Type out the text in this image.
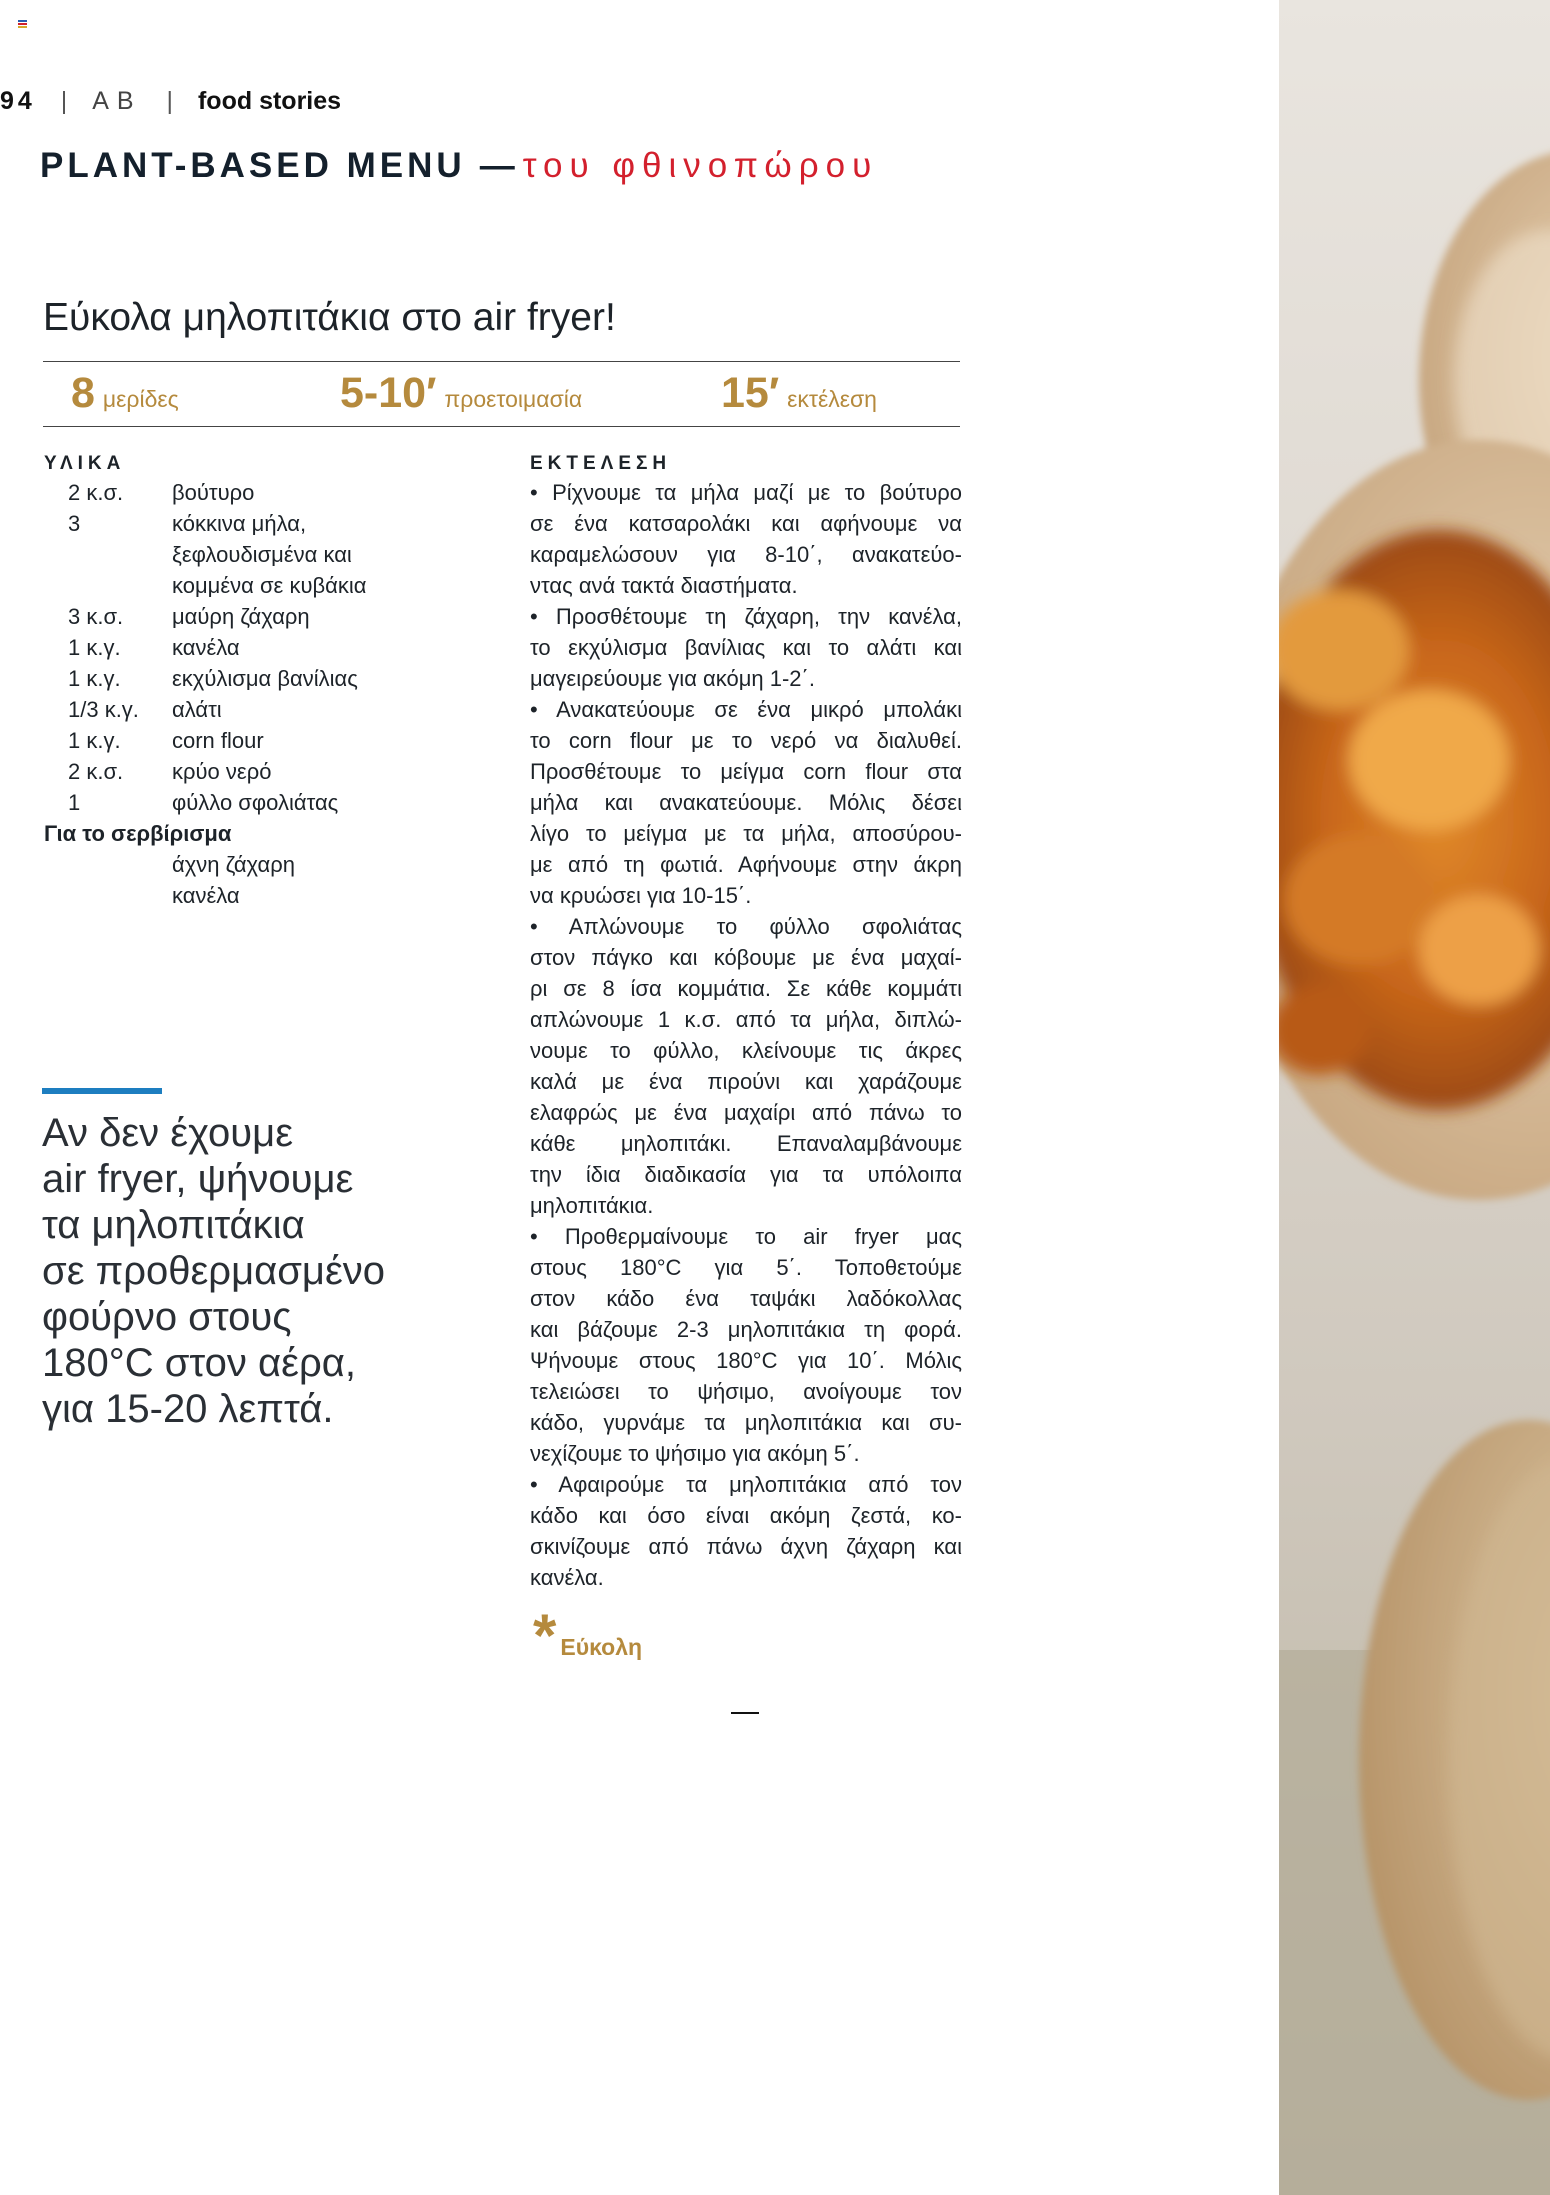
94 | AB | food stories
PLANT-BASED MENU — του φθινοπώρου
Εύκολα μηλοπιτάκια στο air fryer!
8 μερίδες	5-10′ προετοιμασία	15′ εκτέλεση
ΥΛΙΚΑ
2 κ.σ.	βούτυρο
3	κόκκινα μήλα,
ξεφλουδισμένα και
κομμένα σε κυβάκια
3 κ.σ.	μαύρη ζάχαρη
1 κ.γ.	κανέλα
1 κ.γ.	εκχύλισμα βανίλιας
1/3 κ.γ.	αλάτι
1 κ.γ.	corn flour
2 κ.σ.	κρύο νερό
1	φύλλο σφολιάτας
Για το σερβίρισμα
άχνη ζάχαρη
κανέλα
ΕΚΤΕΛΕΣΗ
• Ρίχνουμε τα μήλα μαζί με το βούτυρο
σε ένα κατσαρολάκι και αφήνουμε να
καραμελώσουν για 8-10΄, ανακατεύο-
ντας ανά τακτά διαστήματα.
• Προσθέτουμε τη ζάχαρη, την κανέλα,
το εκχύλισμα βανίλιας και το αλάτι και
μαγειρεύουμε για ακόμη 1-2΄.
• Ανακατεύουμε σε ένα μικρό μπολάκι
το corn flour με το νερό να διαλυθεί.
Προσθέτουμε το μείγμα corn flour στα
μήλα και ανακατεύουμε. Μόλις δέσει
λίγο το μείγμα με τα μήλα, αποσύρου-
με από τη φωτιά. Αφήνουμε στην άκρη
να κρυώσει για 10-15΄.
• Απλώνουμε το φύλλο σφολιάτας
στον πάγκο και κόβουμε με ένα μαχαί-
ρι σε 8 ίσα κομμάτια. Σε κάθε κομμάτι
απλώνουμε 1 κ.σ. από τα μήλα, διπλώ-
νουμε το φύλλο, κλείνουμε τις άκρες
καλά με ένα πιρούνι και χαράζουμε
ελαφρώς με ένα μαχαίρι από πάνω το
κάθε μηλοπιτάκι. Επαναλαμβάνουμε
την ίδια διαδικασία για τα υπόλοιπα
μηλοπιτάκια.
• Προθερμαίνουμε το air fryer μας
στους 180°C για 5΄. Τοποθετούμε
στον κάδο ένα ταψάκι λαδόκολλας
και βάζουμε 2-3 μηλοπιτάκια τη φορά.
Ψήνουμε στους 180°C για 10΄. Μόλις
τελειώσει το ψήσιμο, ανοίγουμε τον
κάδο, γυρνάμε τα μηλοπιτάκια και συ-
νεχίζουμε το ψήσιμο για ακόμη 5΄.
• Αφαιρούμε τα μηλοπιτάκια από τον
κάδο και όσο είναι ακόμη ζεστά, κο-
σκινίζουμε από πάνω άχνη ζάχαρη και
κανέλα.
Αν δεν έχουμε
air fryer, ψήνουμε
τα μηλοπιτάκια
σε προθερμασμένο
φούρνο στους
180°C στον αέρα,
για 15-20 λεπτά.
* Εύκολη
